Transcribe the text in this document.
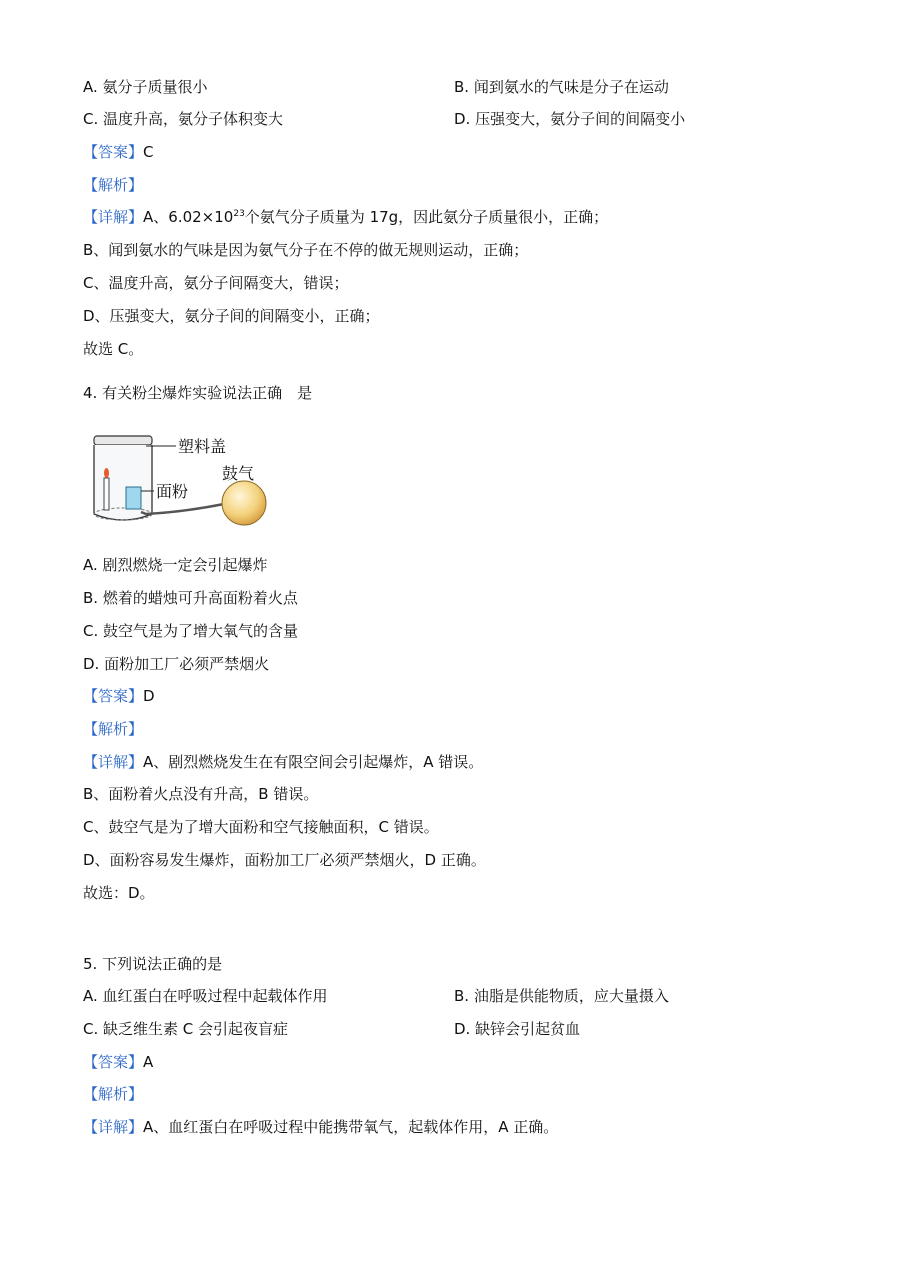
A. 氨分子质量很小	B. 闻到氨水的气味是分子在运动
C. 温度升高，氨分子体积变大	D. 压强变大，氨分子间的间隔变小
【答案】C
【解析】
【详解】A、$6.02\times 10^{23}$个氨气分子质量为 17g，因此氨分子质量很小，正确；
B、闻到氨水的气味是因为氨气分子在不停的做无规则运动，正确；
C、温度升高，氨分子间隔变大，错误；
D、压强变大，氨分子间的间隔变小，正确；
故选 C。
4. 有关粉尘爆炸实验说法正确　是
塑料盖
面粉
鼓气
A. 剧烈燃烧一定会引起爆炸
B. 燃着的蜡烛可升高面粉着火点
C. 鼓空气是为了增大氧气的含量
D. 面粉加工厂必须严禁烟火
【答案】D
【解析】
【详解】A、剧烈燃烧发生在有限空间会引起爆炸，A 错误。
B、面粉着火点没有升高，B 错误。
C、鼓空气是为了增大面粉和空气接触面积，C 错误。
D、面粉容易发生爆炸，面粉加工厂必须严禁烟火，D 正确。
故选：D。
5. 下列说法正确的是
A. 血红蛋白在呼吸过程中起载体作用	B. 油脂是供能物质，应大量摄入
C. 缺乏维生素 C 会引起夜盲症	D. 缺锌会引起贫血
【答案】A
【解析】
【详解】A、血红蛋白在呼吸过程中能携带氧气，起载体作用，A 正确。
